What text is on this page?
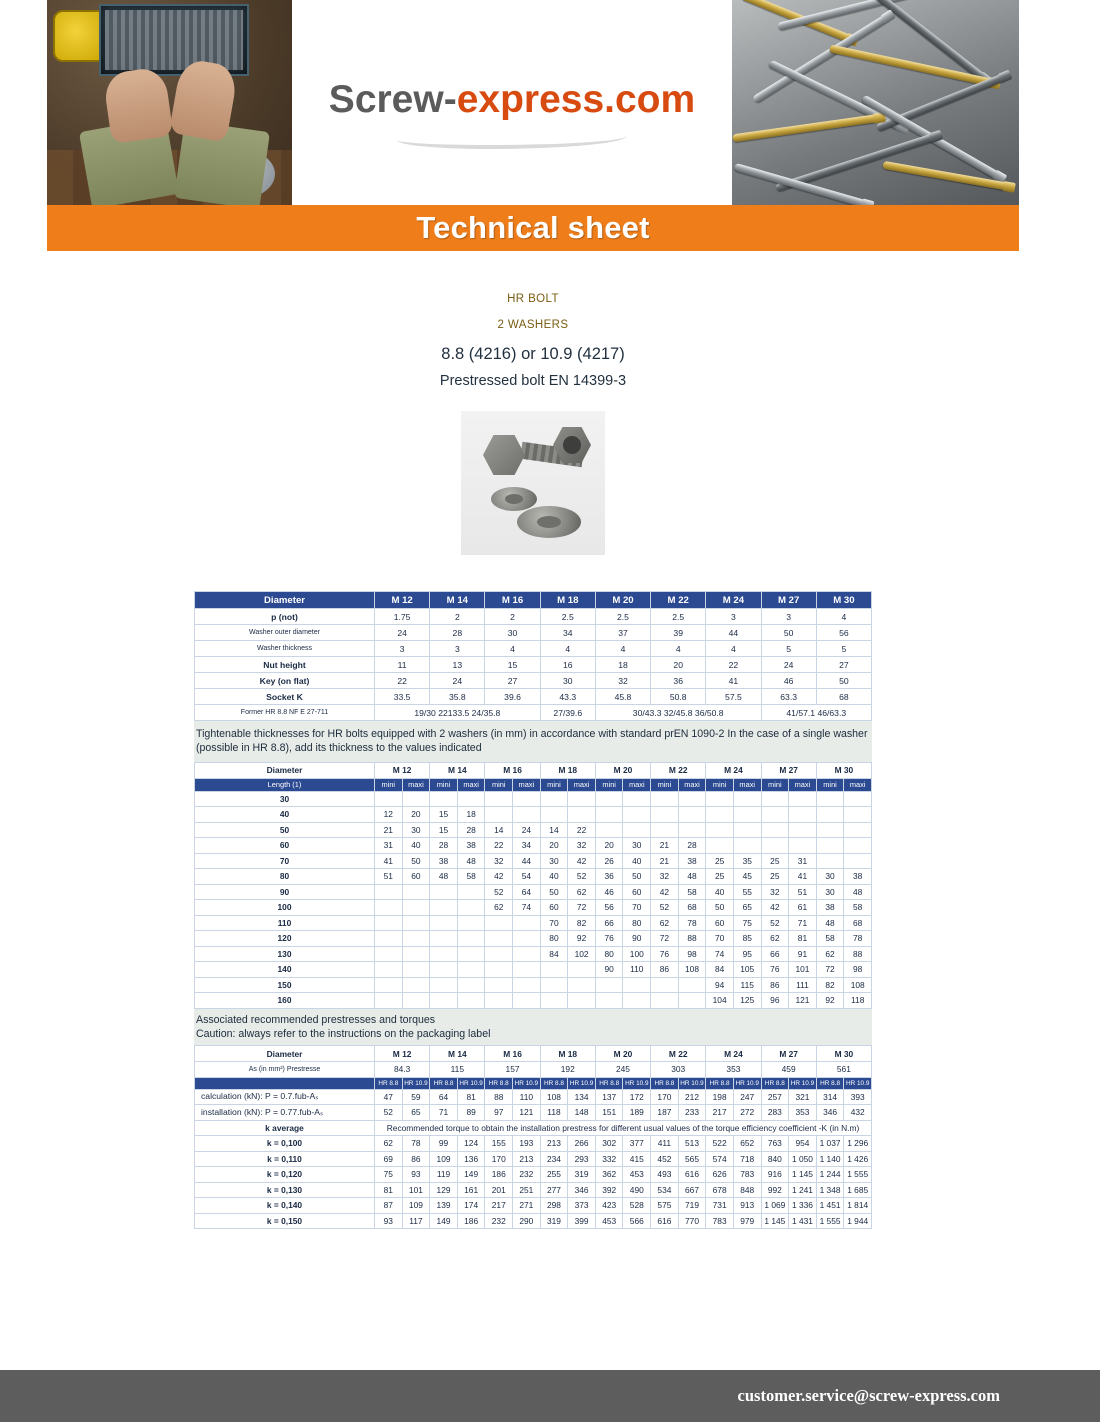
Screw-express.com
Technical sheet
HR BOLT
2 WASHERS
8.8 (4216) or 10.9 (4217)
Prestressed bolt EN 14399-3
Diameter	M 12	M 14	M 16	M 18	M 20	M 22	M 24	M 27	M 30
p (not)	1.75	2	2	2.5	2.5	2.5	3	3	4
Washer outer diameter	24	28	30	34	37	39	44	50	56
Washer thickness	3	3	4	4	4	4	4	5	5
Nut height	11	13	15	16	18	20	22	24	27
Key (on flat)	22	24	27	30	32	36	41	46	50
Socket K	33.5	35.8	39.6	43.3	45.8	50.8	57.5	63.3	68
Former HR 8.8 NF E 27-711	19/30 22133.5 24/35.8			27/39.6	30/43.3 32/45.8 36/50.8			41/57.1 46/63.3	
Tightenable thicknesses for HR bolts equipped with 2 washers (in mm) in accordance with standard prEN 1090-2 In the case of a single washer (possible in HR 8.8), add its thickness to the values indicated
Diameter	M 12		M 14		M 16		M 18		M 20		M 22		M 24		M 27		M 30	
Length (1)	mini	maxi	mini	maxi	mini	maxi	mini	maxi	mini	maxi	mini	maxi	mini	maxi	mini	maxi	mini	maxi
30																		
40	12	20	15	18														
50	21	30	15	28	14	24	14	22										
60	31	40	28	38	22	34	20	32	20	30	21	28						
70	41	50	38	48	32	44	30	42	26	40	21	38	25	35	25	31		
80	51	60	48	58	42	54	40	52	36	50	32	48	25	45	25	41	30	38
90					52	64	50	62	46	60	42	58	40	55	32	51	30	48
100					62	74	60	72	56	70	52	68	50	65	42	61	38	58
110							70	82	66	80	62	78	60	75	52	71	48	68
120							80	92	76	90	72	88	70	85	62	81	58	78
130							84	102	80	100	76	98	74	95	66	91	62	88
140									90	110	86	108	84	105	76	101	72	98
150													94	115	86	111	82	108
160													104	125	96	121	92	118
Associated recommended prestresses and torques
Caution: always refer to the instructions on the packaging label
Diameter	M 12		M 14		M 16		M 18		M 20		M 22		M 24		M 27		M 30	
As (in mm²) Prestresse	84.3		115		157		192		245		303		353		459		561	
	HR 8.8	HR 10.9	HR 8.8	HR 10.9	HR 8.8	HR 10.9	HR 8.8	HR 10.9	HR 8.8	HR 10.9	HR 8.8	HR 10.9	HR 8.8	HR 10.9	HR 8.8	HR 10.9	HR 8.8	HR 10.9
calculation (kN): P = 0.7.fub-Aₛ	47	59	64	81	88	110	108	134	137	172	170	212	198	247	257	321	314	393
installation (kN): P = 0.77.fub-Aₛ	52	65	71	89	97	121	118	148	151	189	187	233	217	272	283	353	346	432
k average	Recommended torque to obtain the installation prestress for different usual values of the torque efficiency coefficient -K (in N.m)																	
k = 0,100	62	78	99	124	155	193	213	266	302	377	411	513	522	652	763	954	1 037	1 296
k = 0,110	69	86	109	136	170	213	234	293	332	415	452	565	574	718	840	1 050	1 140	1 426
k = 0,120	75	93	119	149	186	232	255	319	362	453	493	616	626	783	916	1 145	1 244	1 555
k = 0,130	81	101	129	161	201	251	277	346	392	490	534	667	678	848	992	1 241	1 348	1 685
k = 0,140	87	109	139	174	217	271	298	373	423	528	575	719	731	913	1 069	1 336	1 451	1 814
k = 0,150	93	117	149	186	232	290	319	399	453	566	616	770	783	979	1 145	1 431	1 555	1 944
customer.service@screw-express.com
